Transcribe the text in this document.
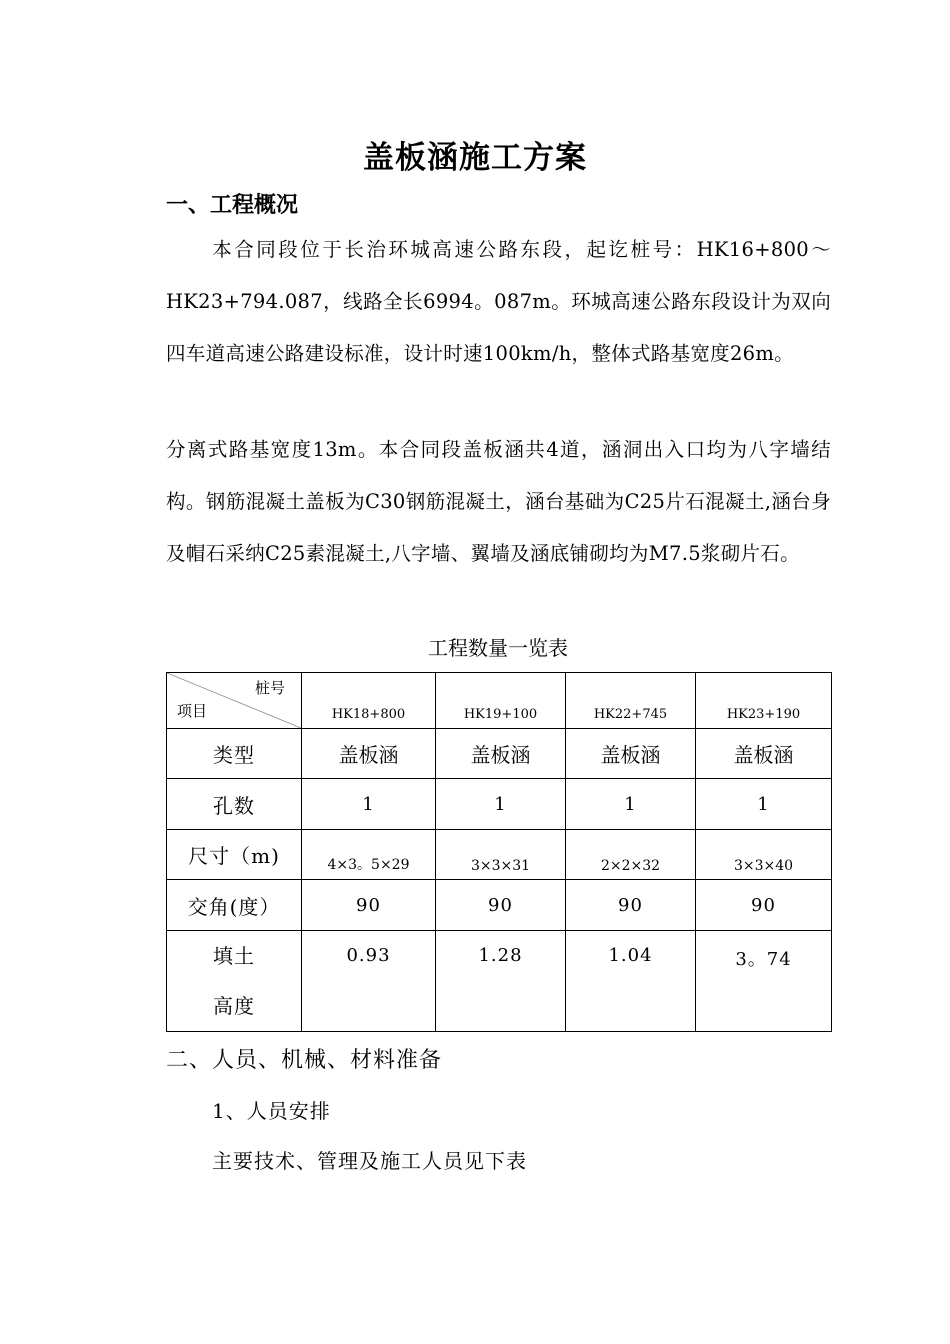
盖板涵施工方案
一、工程概况
本合同段位于长治环城高速公路东段，起讫桩号：HK16+800～HK23+794.087，线路全长6994。087m。环城高速公路东段设计为双向四车道高速公路建设标准，设计时速100km/h，整体式路基宽度26m。
分离式路基宽度13m。本合同段盖板涵共4道，涵洞出入口均为八字墙结构。钢筋混凝土盖板为C30钢筋混凝土，涵台基础为C25片石混凝土,涵台身及帽石采纳C25素混凝土,八字墙、翼墙及涵底铺砌均为M7.5浆砌片石。
工程数量一览表
桩号
项目	HK18+800	HK19+100	HK22+745	HK23+190
类型	盖板涵	盖板涵	盖板涵	盖板涵
孔数	1	1	1	1
尺寸（m)	4×3。5×29	3×3×31	2×2×32	3×3×40
交角(度）	90	90	90	90

填土
高度	0.93	1.28	1.04	3。74
二、人员、机械、材料准备
1、人员安排
主要技术、管理及施工人员见下表
